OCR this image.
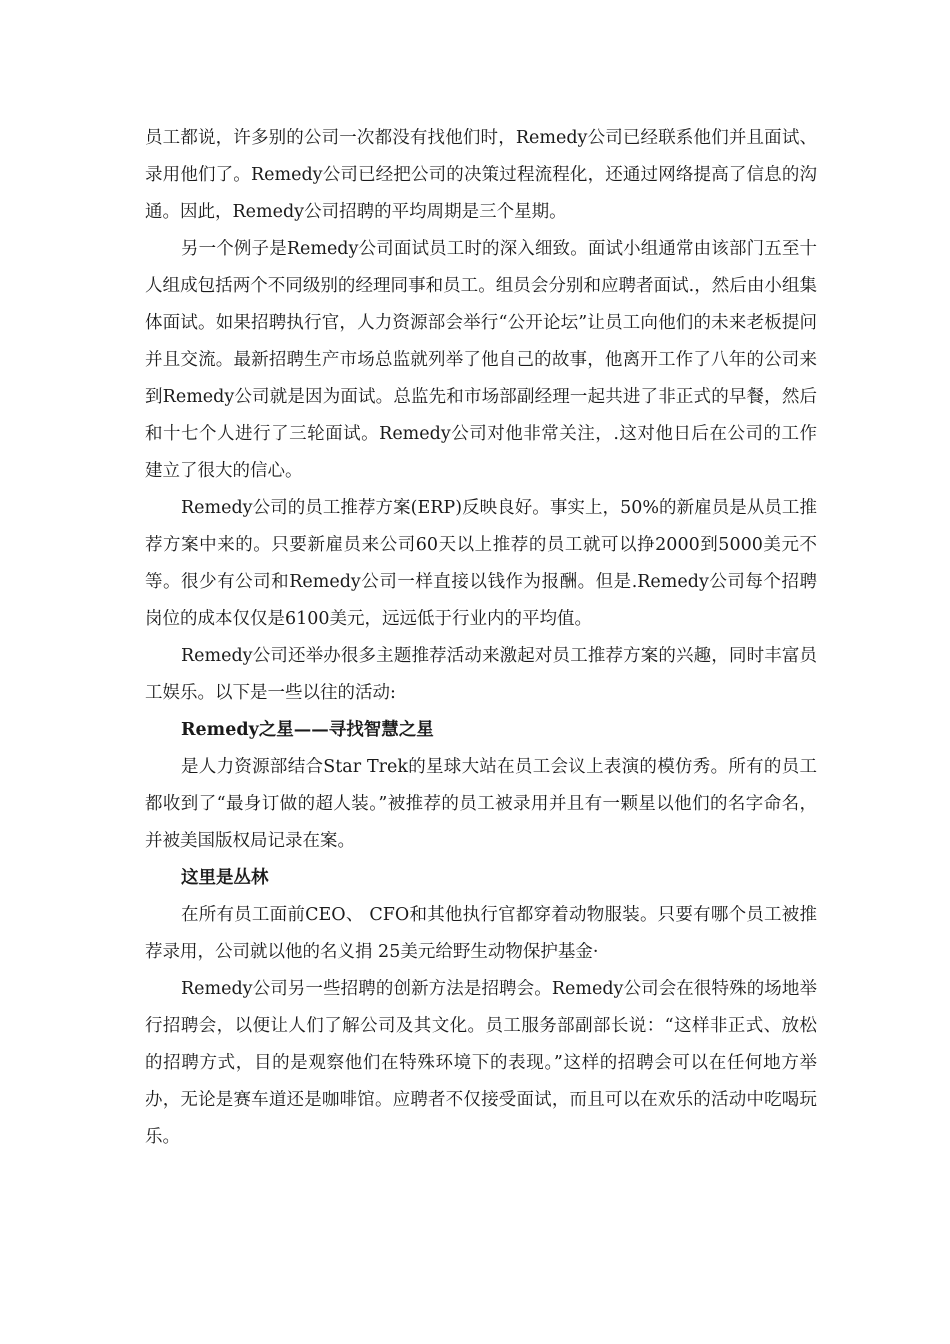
员工都说，许多别的公司一次都没有找他们时，Remedy公司已经联系他们并且面试、录用他们了。Remedy公司已经把公司的决策过程流程化，还通过网络提高了信息的沟通。因此，Remedy公司招聘的平均周期是三个星期。

另一个例子是Remedy公司面试员工时的深入细致。面试小组通常由该部门五至十人组成包括两个不同级别的经理同事和员工。组员会分别和应聘者面试.，然后由小组集体面试。如果招聘执行官，人力资源部会举行“公开论坛”让员工向他们的未来老板提问并且交流。最新招聘生产市场总监就列举了他自己的故事，他离开工作了八年的公司来到Remedy公司就是因为面试。总监先和市场部副经理一起共进了非正式的早餐，然后和十七个人进行了三轮面试。Remedy公司对他非常关注，.这对他日后在公司的工作建立了很大的信心。

Remedy公司的员工推荐方案(ERP)反映良好。事实上，50%的新雇员是从员工推荐方案中来的。只要新雇员来公司60天以上推荐的员工就可以挣2000到5000美元不等。很少有公司和Remedy公司一样直接以钱作为报酬。但是.Remedy公司每个招聘岗位的成本仅仅是6100美元，远远低于行业内的平均值。

Remedy公司还举办很多主题推荐活动来激起对员工推荐方案的兴趣，同时丰富员工娱乐。以下是一些以往的活动:

Remedy之星——寻找智慧之星

是人力资源部结合Star Trek的星球大站在员工会议上表演的模仿秀。所有的员工都收到了“最身订做的超人装。”被推荐的员工被录用并且有一颗星以他们的名字命名，并被美国版权局记录在案。

这里是丛林

在所有员工面前CEO、 CFO和其他执行官都穿着动物服装。只要有哪个员工被推荐录用，公司就以他的名义捐 25美元给野生动物保护基金·

Remedy公司另一些招聘的创新方法是招聘会。Remedy公司会在很特殊的场地举行招聘会，以便让人们了解公司及其文化。员工服务部副部长说：“这样非正式、放松的招聘方式，目的是观察他们在特殊环境下的表现。”这样的招聘会可以在任何地方举办，无论是赛车道还是咖啡馆。应聘者不仅接受面试，而且可以在欢乐的活动中吃喝玩乐。
